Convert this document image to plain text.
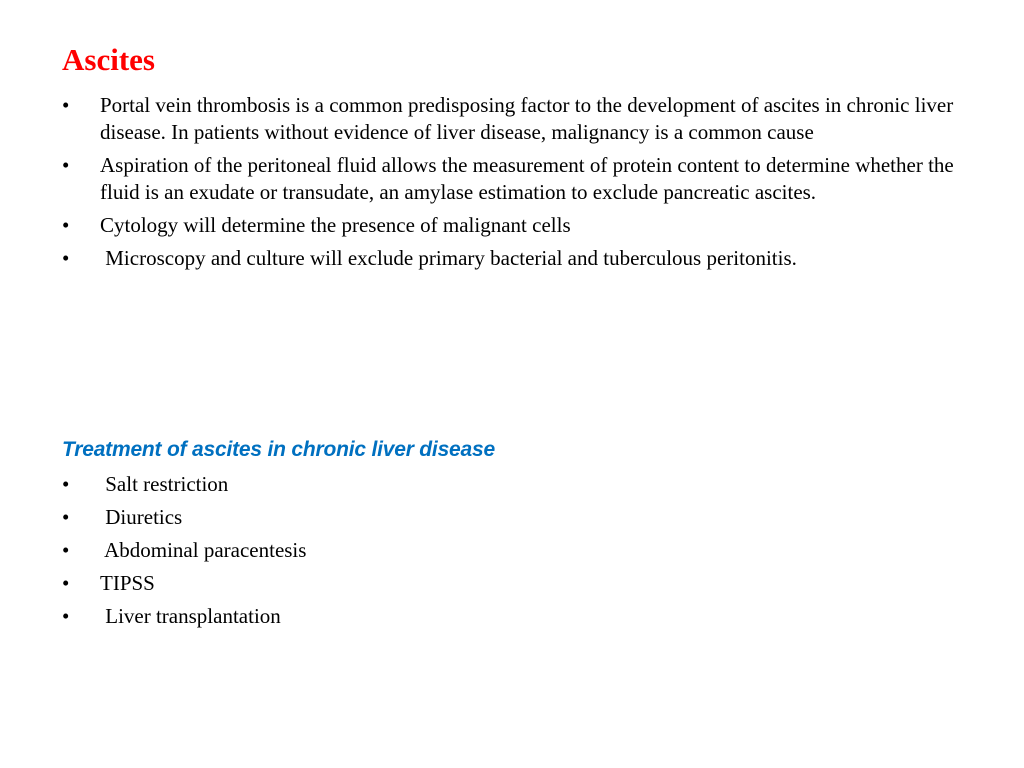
Ascites
•	Portal vein thrombosis is a common predisposing factor to the development of ascites in chronic liver disease. In patients without evidence of liver disease, malignancy is a common cause
•	Aspiration of the peritoneal fluid allows the measurement of protein content to determine whether the fluid is an exudate or transudate, an amylase estimation to exclude pancreatic ascites.
•	Cytology will determine the presence of malignant cells
•	Microscopy and culture will exclude primary bacterial and tuberculous peritonitis.
Treatment of ascites in chronic liver disease
•	Salt restriction
•	Diuretics
•	Abdominal paracentesis
•	TIPSS
•	Liver transplantation
